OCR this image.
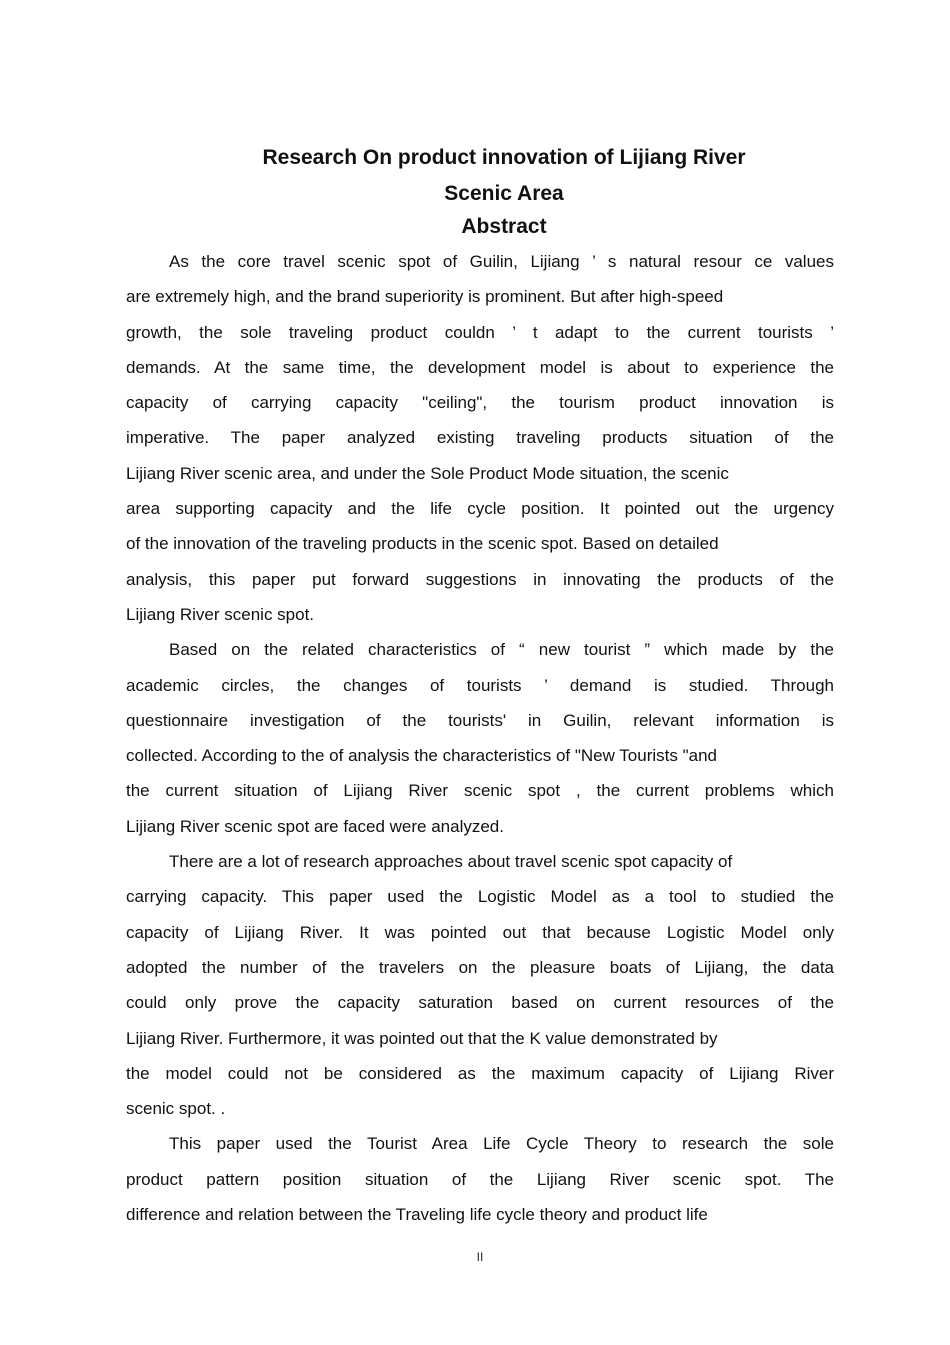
Research On product innovation of Lijiang River
Scenic Area
Abstract
As the core travel scenic spot of Guilin, Lijiang ’ s natural resour ce values
are extremely high, and the brand superiority is prominent. But after high-speed
growth, the sole traveling product couldn ’ t adapt to the current tourists ’
demands. At the same time, the development model is about to experience the
capacity of carrying capacity "ceiling", the tourism product innovation is
imperative. The paper analyzed existing traveling products situation of the
Lijiang River scenic area, and under the Sole Product Mode situation, the scenic
area supporting capacity and the life cycle position. It pointed out the urgency
of the innovation of the traveling products in the scenic spot. Based on detailed
analysis, this paper put forward suggestions in innovating the products of the
Lijiang River scenic spot.
Based on the related characteristics of “ new tourist ” which made by the
academic circles, the changes of tourists ’ demand is studied. Through
questionnaire investigation of the tourists' in Guilin, relevant information is
collected. According to the of analysis the characteristics of "New Tourists "and
the current situation of Lijiang River scenic spot , the current problems which
Lijiang River scenic spot are faced were analyzed.
There are a lot of research approaches about travel scenic spot capacity of
carrying capacity. This paper used the Logistic Model as a tool to studied the
capacity of Lijiang River. It was pointed out that because Logistic Model only
adopted the number of the travelers on the pleasure boats of Lijiang, the data
could only prove the capacity saturation based on current resources of the
Lijiang River. Furthermore, it was pointed out that the K value demonstrated by
the model could not be considered as the maximum capacity of Lijiang River
scenic spot. .
This paper used the Tourist Area Life Cycle Theory to research the sole
product pattern position situation of the Lijiang River scenic spot. The
difference and relation between the Traveling life cycle theory and product life
II
